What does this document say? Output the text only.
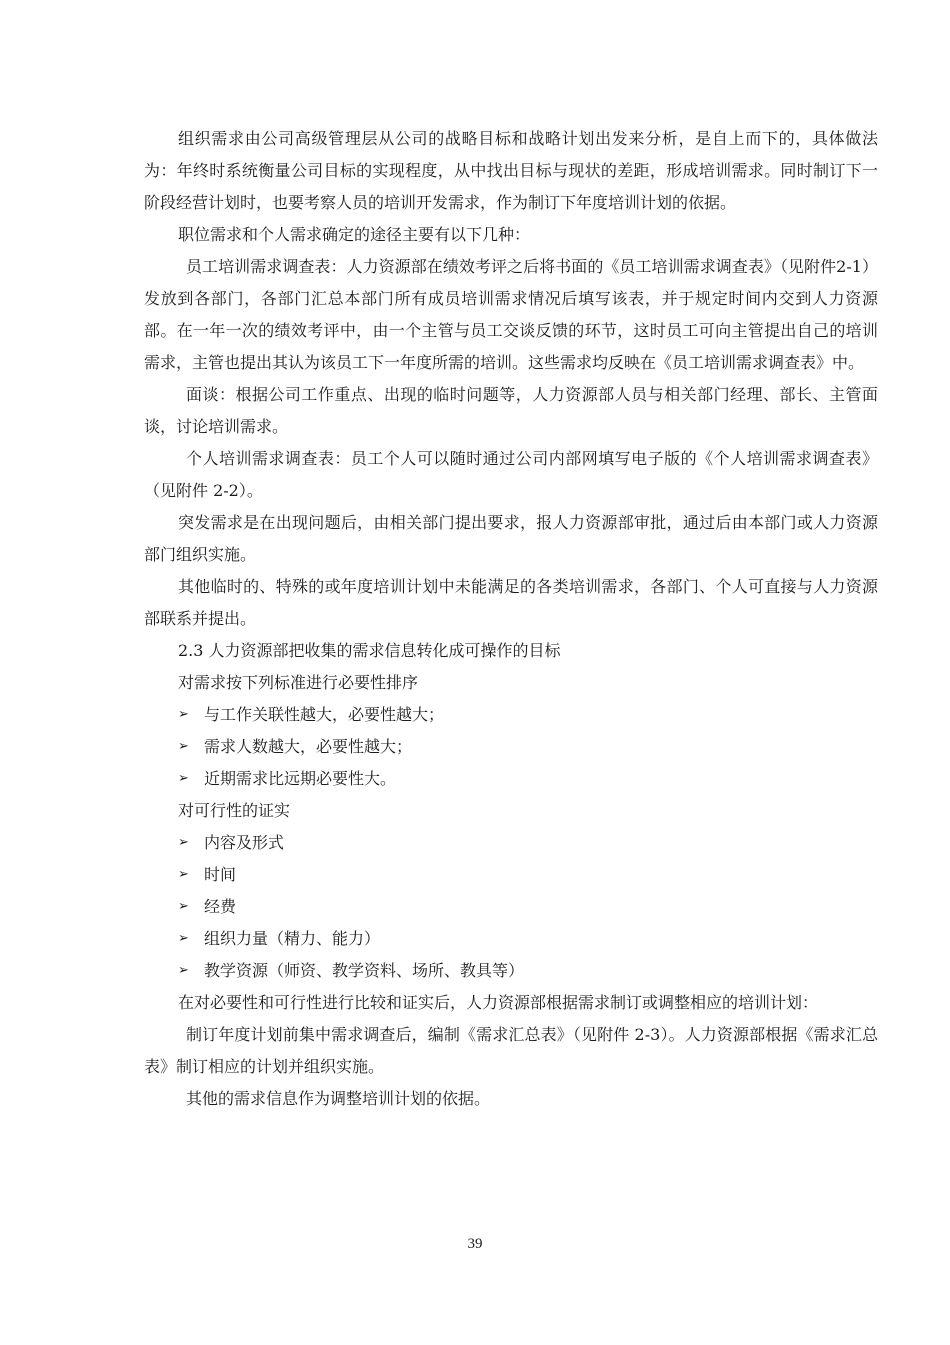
组织需求由公司高级管理层从公司的战略目标和战略计划出发来分析，是自上而下的，具体做法为：年终时系统衡量公司目标的实现程度，从中找出目标与现状的差距，形成培训需求。同时制订下一阶段经营计划时，也要考察人员的培训开发需求，作为制订下年度培训计划的依据。

职位需求和个人需求确定的途径主要有以下几种：

员工培训需求调查表：人力资源部在绩效考评之后将书面的《员工培训需求调查表》（见附件2-1）发放到各部门，各部门汇总本部门所有成员培训需求情况后填写该表，并于规定时间内交到人力资源部。在一年一次的绩效考评中，由一个主管与员工交谈反馈的环节，这时员工可向主管提出自己的培训需求，主管也提出其认为该员工下一年度所需的培训。这些需求均反映在《员工培训需求调查表》中。

面谈：根据公司工作重点、出现的临时问题等，人力资源部人员与相关部门经理、部长、主管面谈，讨论培训需求。

个人培训需求调查表：员工个人可以随时通过公司内部网填写电子版的《个人培训需求调查表》（见附件 2-2）。

突发需求是在出现问题后，由相关部门提出要求，报人力资源部审批，通过后由本部门或人力资源部门组织实施。

其他临时的、特殊的或年度培训计划中未能满足的各类培训需求，各部门、个人可直接与人力资源部联系并提出。

2.3 人力资源部把收集的需求信息转化成可操作的目标

对需求按下列标准进行必要性排序

➢ 与工作关联性越大，必要性越大；
➢ 需求人数越大，必要性越大；
➢ 近期需求比远期必要性大。

对可行性的证实

➢ 内容及形式
➢ 时间
➢ 经费
➢ 组织力量（精力、能力）
➢ 教学资源（师资、教学资料、场所、教具等）

在对必要性和可行性进行比较和证实后，人力资源部根据需求制订或调整相应的培训计划：

制订年度计划前集中需求调查后，编制《需求汇总表》（见附件 2-3）。人力资源部根据《需求汇总表》制订相应的计划并组织实施。

其他的需求信息作为调整培训计划的依据。

39
